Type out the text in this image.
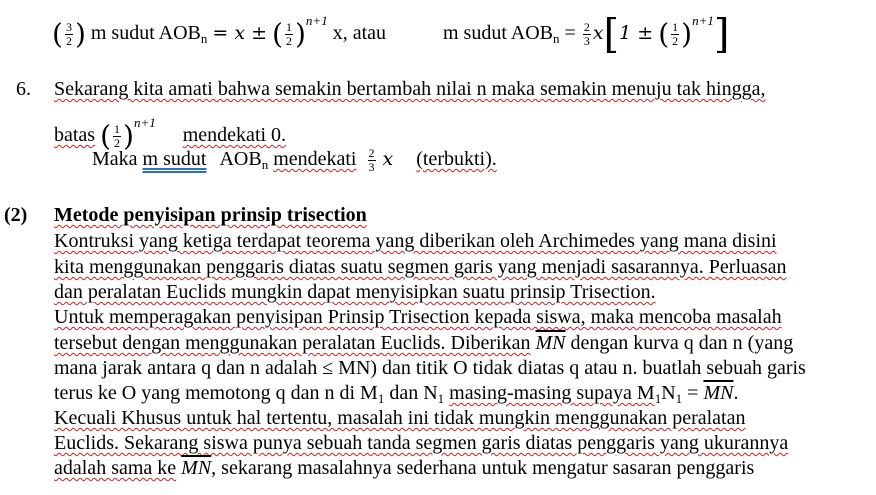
( $\frac{3}{2}$ ) m sudut $AOB_n = x$ ± ( $\frac{1}{2} )^{n+1}$ x, atau	m sudut $AOB_n = \frac{2}{3} x[1$ ± ( $\frac{1}{2} )^{n+1}$]
6. Sekarang kita amati bahwa semakin bertambah nilai n maka semakin menuju tak hingga,
batas ( $\frac{1}{2} )^{n+1}$ mendekati 0.
Maka m sudut $AOB_n$ mendekati $\frac{2}{3}$ x (terbukti).
(2) Metode penyisipan prinsip trisection
Kontruksi yang ketiga terdapat teorema yang diberikan oleh Archimedes yang mana disini
kita menggunakan penggaris diatas suatu segmen garis yang menjadi sasarannya. Perluasan
dan peralatan Euclids mungkin dapat menyisipkan suatu prinsip Trisection.
Untuk memperagakan penyisipan Prinsip Trisection kepada siswa, maka mencoba masalah
tersebut dengan menggunakan peralatan Euclids. Diberikan $\overline{MN}$ dengan kurva q dan n (yang
mana jarak antara q dan n adalah ≤ MN) dan titik O tidak diatas q atau n. buatlah sebuah garis
terus ke O yang memotong q dan n di $M_1$ dan $N_1$ masing-masing supaya $M_1N_1 = \overline{MN}$.
Kecuali Khusus untuk hal tertentu, masalah ini tidak mungkin menggunakan peralatan
Euclids. Sekarang siswa punya sebuah tanda segmen garis diatas penggaris yang ukurannya
adalah sama ke $\overline{MN}$, sekarang masalahnya sederhana untuk mengatur sasaran penggaris
